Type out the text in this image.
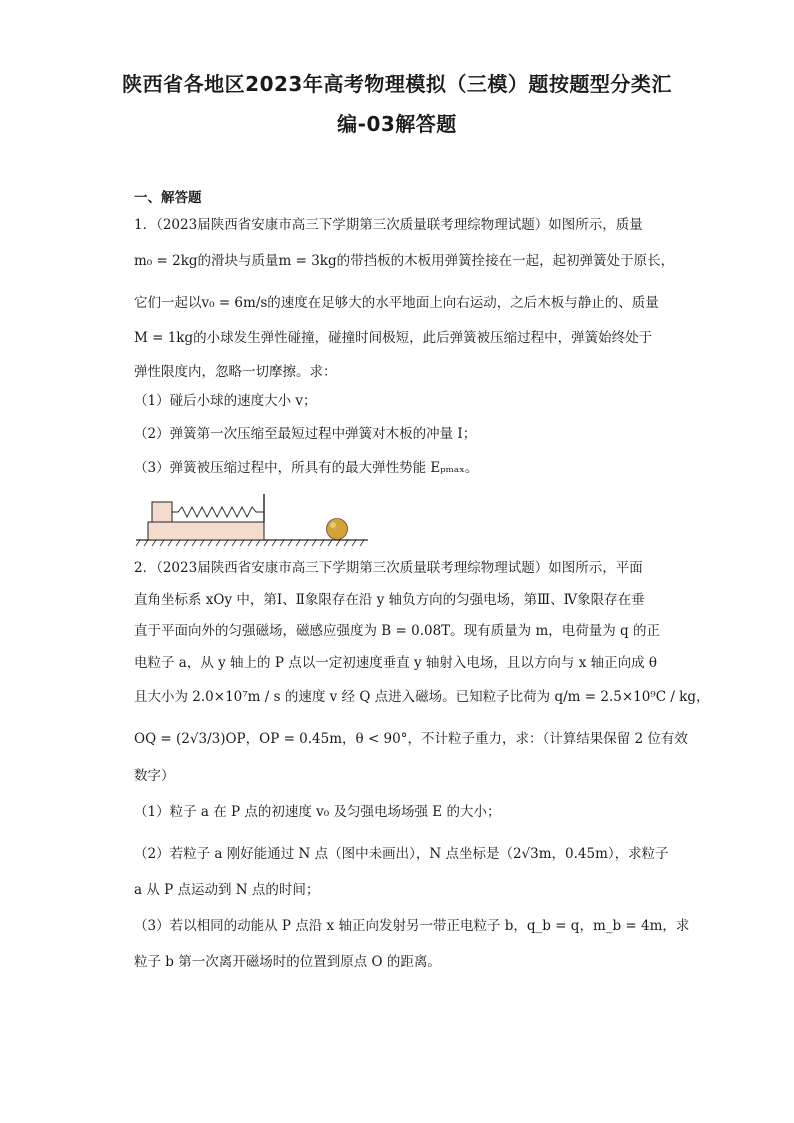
陕西省各地区2023年高考物理模拟（三模）题按题型分类汇
编-03解答题
一、解答题
1．（2023届陕西省安康市高三下学期第三次质量联考理综物理试题）如图所示，质量
m₀ = 2kg的滑块与质量m = 3kg的带挡板的木板用弹簧拴接在一起，起初弹簧处于原长，
它们一起以v₀ = 6m/s的速度在足够大的水平地面上向右运动，之后木板与静止的、质量
M = 1kg的小球发生弹性碰撞，碰撞时间极短，此后弹簧被压缩过程中，弹簧始终处于
弹性限度内，忽略一切摩擦。求：
（1）碰后小球的速度大小 v；
（2）弹簧第一次压缩至最短过程中弹簧对木板的冲量 I；
（3）弹簧被压缩过程中，所具有的最大弹性势能 Eₚₘₐₓ。
2．（2023届陕西省安康市高三下学期第三次质量联考理综物理试题）如图所示，平面
直角坐标系 xOy 中，第Ⅰ、Ⅱ象限存在沿 y 轴负方向的匀强电场，第Ⅲ、Ⅳ象限存在垂
直于平面向外的匀强磁场，磁感应强度为 B = 0.08T。现有质量为 m，电荷量为 q 的正
电粒子 a，从 y 轴上的 P 点以一定初速度垂直 y 轴射入电场，且以方向与 x 轴正向成 θ
且大小为 2.0×10⁷m / s 的速度 v 经 Q 点进入磁场。已知粒子比荷为 q/m = 2.5×10⁹C / kg，
OQ = (2√3/3)OP，OP = 0.45m，θ < 90°，不计粒子重力，求：（计算结果保留 2 位有效
数字）
（1）粒子 a 在 P 点的初速度 v₀ 及匀强电场场强 E 的大小；
（2）若粒子 a 刚好能通过 N 点（图中未画出），N 点坐标是（2√3m，0.45m），求粒子
a 从 P 点运动到 N 点的时间；
（3）若以相同的动能从 P 点沿 x 轴正向发射另一带正电粒子 b，q_b = q，m_b = 4m，求
粒子 b 第一次离开磁场时的位置到原点 O 的距离。
